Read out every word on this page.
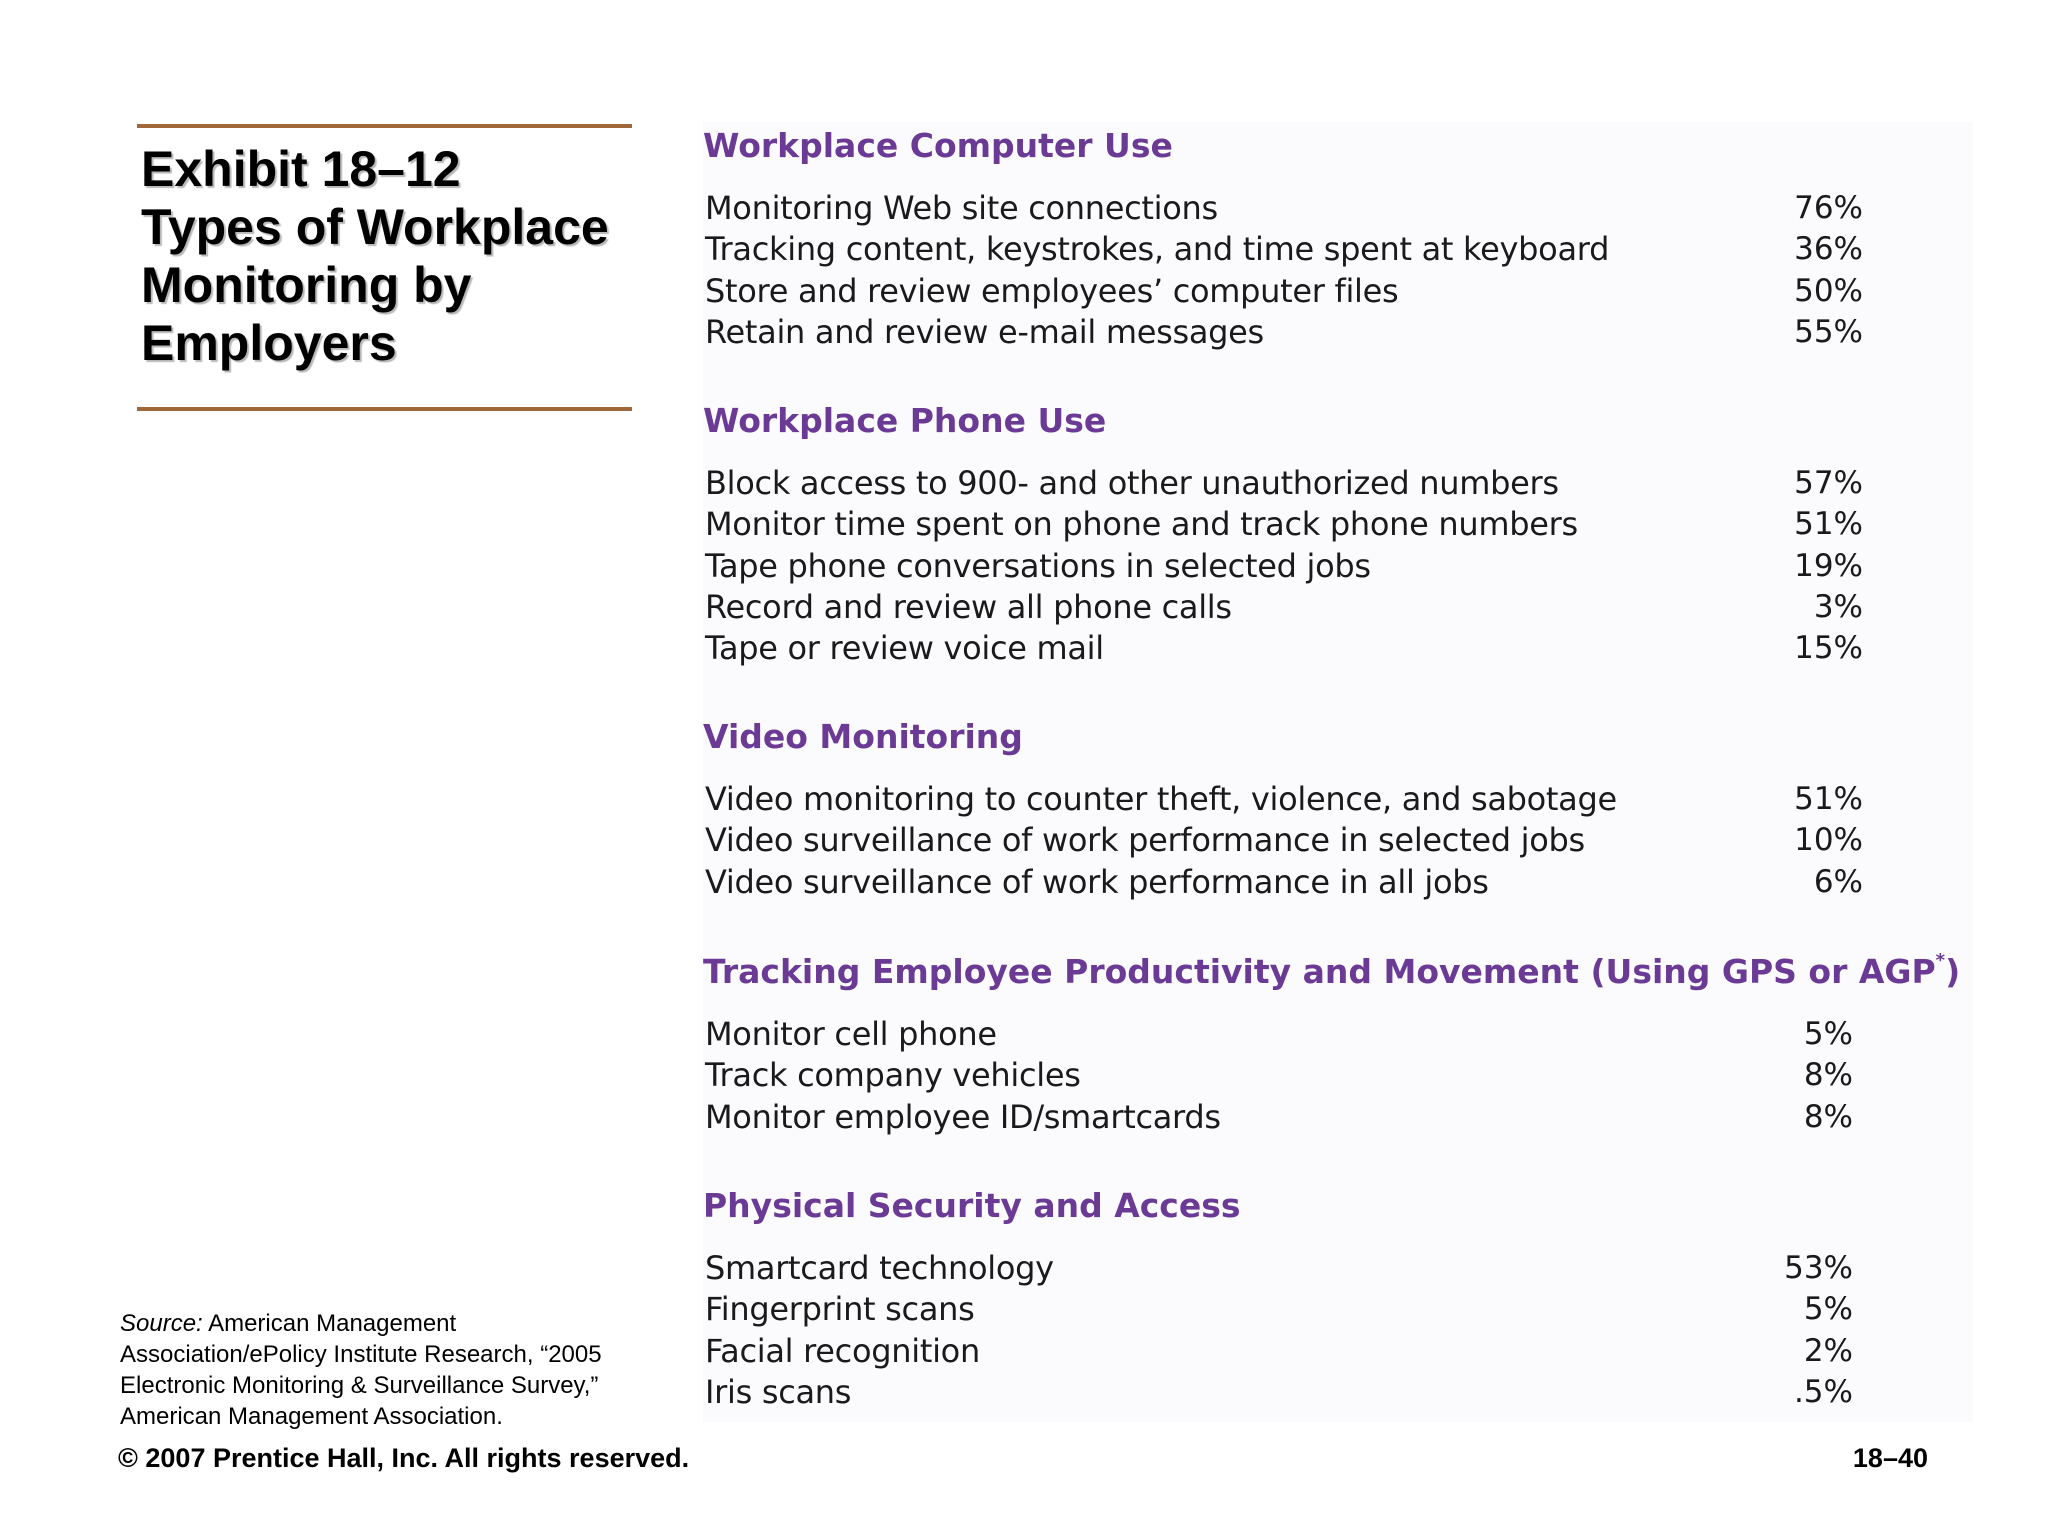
Exhibit 18–12
Types of Workplace
Monitoring by
Employers
Workplace Computer Use
Monitoring Web site connections	76%
Tracking content, keystrokes, and time spent at keyboard	36%
Store and review employees’ computer files	50%
Retain and review e-mail messages	55%
Workplace Phone Use
Block access to 900- and other unauthorized numbers	57%
Monitor time spent on phone and track phone numbers	51%
Tape phone conversations in selected jobs	19%
Record and review all phone calls	3%
Tape or review voice mail	15%
Video Monitoring
Video monitoring to counter theft, violence, and sabotage	51%
Video surveillance of work performance in selected jobs	10%
Video surveillance of work performance in all jobs	6%
Tracking Employee Productivity and Movement (Using GPS or AGP*)
Monitor cell phone	5%
Track company vehicles	8%
Monitor employee ID/smartcards	8%
Physical Security and Access
Smartcard technology	53%
Fingerprint scans	5%
Facial recognition	2%
Iris scans	.5%
Source: American Management Association/ePolicy Institute Research, “2005 Electronic Monitoring & Surveillance Survey,” American Management Association.
© 2007 Prentice Hall, Inc. All rights reserved.	18–40
